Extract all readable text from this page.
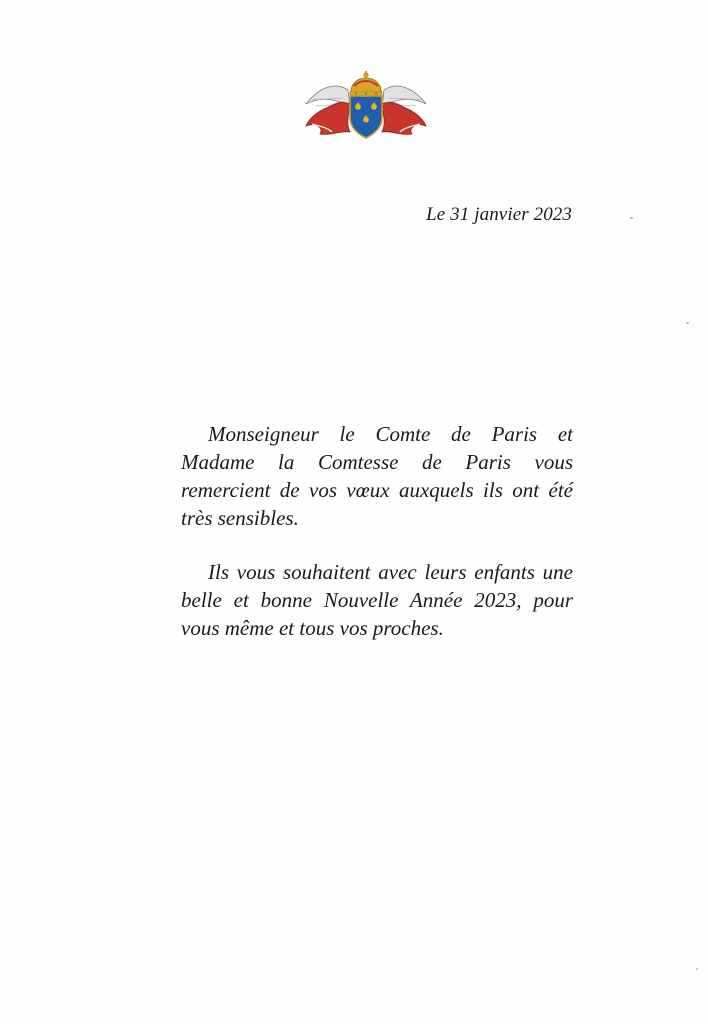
Le 31 janvier 2023

Monseigneur le Comte de Paris et Madame la Comtesse de Paris vous remercient de vos vœux auxquels ils ont été très sensibles.

Ils vous souhaitent avec leurs enfants une belle et bonne Nouvelle Année 2023, pour vous même et tous vos proches.
